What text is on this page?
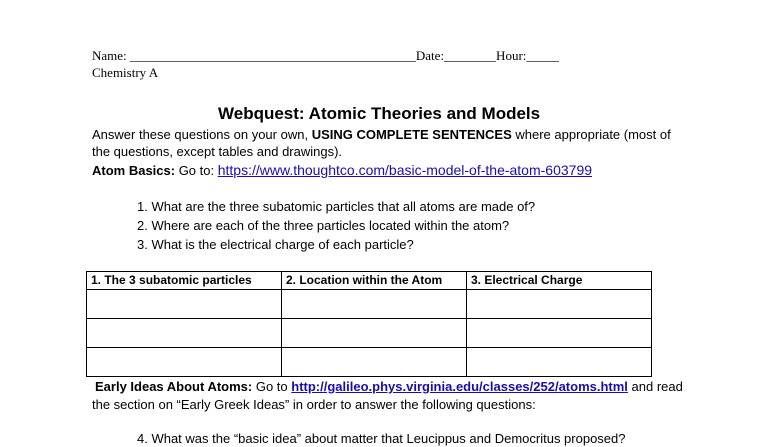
Name: ____________________________________________Date:________Hour:_____
Chemistry A
Webquest: Atomic Theories and Models
Answer these questions on your own, USING COMPLETE SENTENCES where appropriate (most of
the questions, except tables and drawings).
Atom Basics: Go to: https://www.thoughtco.com/basic-model-of-the-atom-603799
1. What are the three subatomic particles that all atoms are made of?
2. Where are each of the three particles located within the atom?
3. What is the electrical charge of each particle?
1. The 3 subatomic particles	2. Location within the Atom	3. Electrical Charge

Early Ideas About Atoms: Go to http://galileo.phys.virginia.edu/classes/252/atoms.html and read
the section on “Early Greek Ideas” in order to answer the following questions:
4. What was the “basic idea” about matter that Leucippus and Democritus proposed?
